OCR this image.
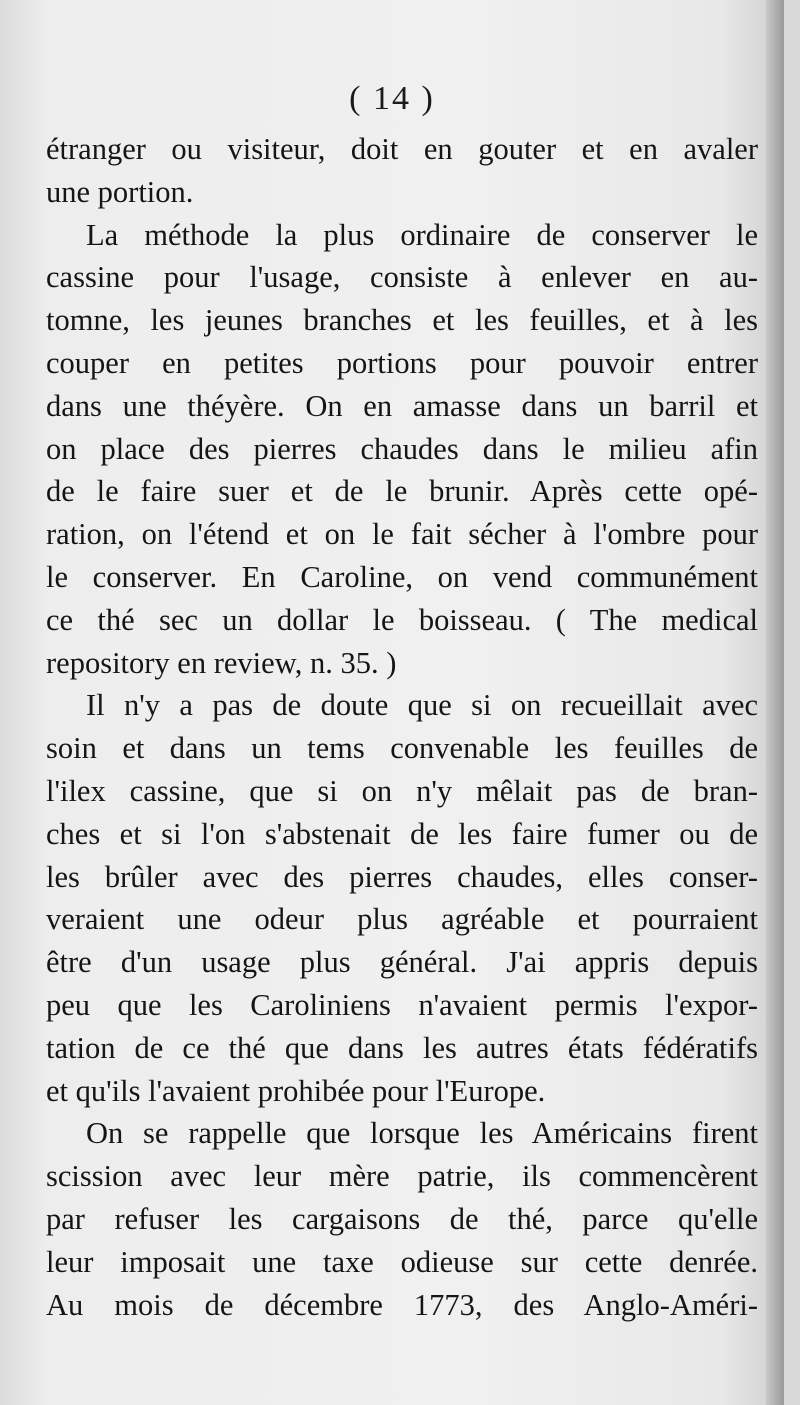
( 14 )

étranger ou visiteur, doit en gouter et en avaler

une portion.

La méthode la plus ordinaire de conserver le

cassine pour l'usage, consiste à enlever en au-

tomne, les jeunes branches et les feuilles, et à les

couper en petites portions pour pouvoir entrer

dans une théyère. On en amasse dans un barril et

on place des pierres chaudes dans le milieu afin

de le faire suer et de le brunir. Après cette opé-

ration, on l'étend et on le fait sécher à l'ombre pour

le conserver. En Caroline, on vend communément

ce thé sec un dollar le boisseau. ( The medical

repository en review, n. 35. )

Il n'y a pas de doute que si on recueillait avec

soin et dans un tems convenable les feuilles de

l'ilex cassine, que si on n'y mêlait pas de bran-

ches et si l'on s'abstenait de les faire fumer ou de

les brûler avec des pierres chaudes, elles conser-

veraient une odeur plus agréable et pourraient

être d'un usage plus général. J'ai appris depuis

peu que les Caroliniens n'avaient permis l'expor-

tation de ce thé que dans les autres états fédératifs

et qu'ils l'avaient prohibée pour l'Europe.

On se rappelle que lorsque les Américains firent

scission avec leur mère patrie, ils commencèrent

par refuser les cargaisons de thé, parce qu'elle

leur imposait une taxe odieuse sur cette denrée.

Au mois de décembre 1773, des Anglo-Améri-
